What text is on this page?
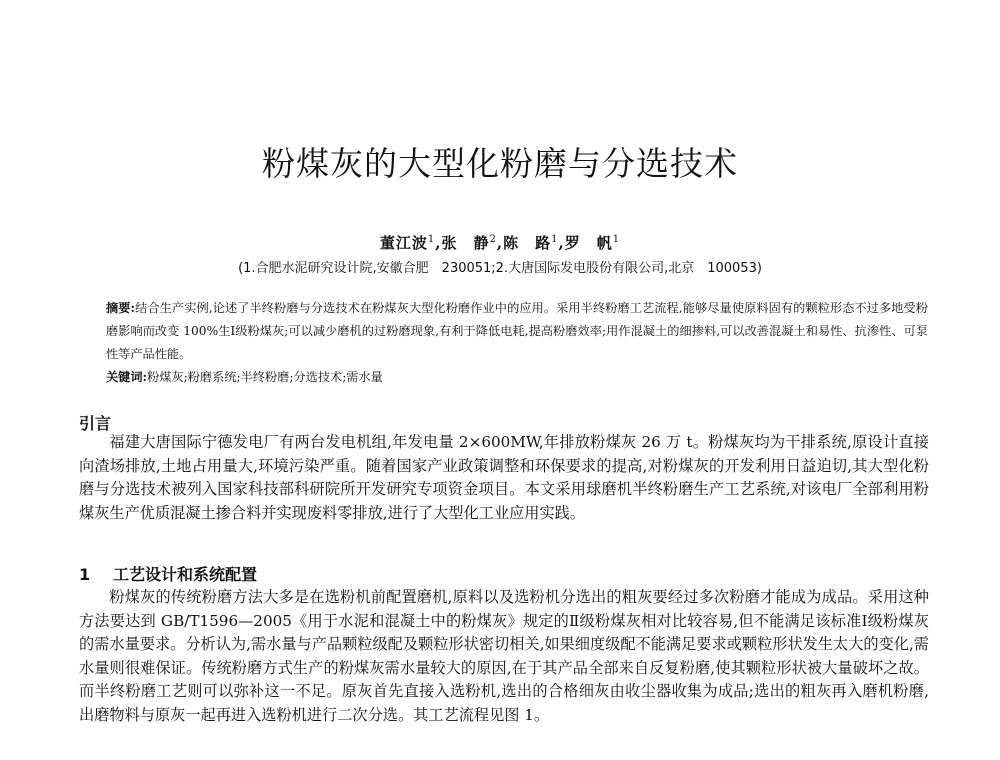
粉煤灰的大型化粉磨与分选技术
董江波$^1$,张　静$^2$,陈　路$^1$,罗　帆$^1$
(1.合肥水泥研究设计院,安徽合肥　230051;2.大唐国际发电股份有限公司,北京　100053)
摘要:结合生产实例,论述了半终粉磨与分选技术在粉煤灰大型化粉磨作业中的应用。采用半终粉磨工艺流程,能够尽量使原料固有的颗粒形态不过多地受粉磨影响而改变 100%生Ⅰ级粉煤灰;可以减少磨机的过粉磨现象,有利于降低电耗,提高粉磨效率;用作混凝土的细掺料,可以改善混凝土和易性、抗渗性、可泵性等产品性能。
关键词:粉煤灰;粉磨系统;半终粉磨;分选技术;需水量
引言

福建大唐国际宁德发电厂有两台发电机组,年发电量 2×600MW,年排放粉煤灰 26 万 t。粉煤灰均为干排系统,原设计直接向渣场排放,土地占用量大,环境污染严重。随着国家产业政策调整和环保要求的提高,对粉煤灰的开发利用日益迫切,其大型化粉磨与分选技术被列入国家科技部科研院所开发研究专项资金项目。本文采用球磨机半终粉磨生产工艺系统,对该电厂全部利用粉煤灰生产优质混凝土掺合料并实现废料零排放,进行了大型化工业应用实践。

1 工艺设计和系统配置

粉煤灰的传统粉磨方法大多是在选粉机前配置磨机,原料以及选粉机分选出的粗灰要经过多次粉磨才能成为成品。采用这种方法要达到 GB/T1596—2005《用于水泥和混凝土中的粉煤灰》规定的Ⅱ级粉煤灰相对比较容易,但不能满足该标准Ⅰ级粉煤灰的需水量要求。分析认为,需水量与产品颗粒级配及颗粒形状密切相关,如果细度级配不能满足要求或颗粒形状发生太大的变化,需水量则很难保证。传统粉磨方式生产的粉煤灰需水量较大的原因,在于其产品全部来自反复粉磨,使其颗粒形状被大量破坏之故。而半终粉磨工艺则可以弥补这一不足。原灰首先直接入选粉机,选出的合格细灰由收尘器收集为成品;选出的粗灰再入磨机粉磨,出磨物料与原灰一起再进入选粉机进行二次分选。其工艺流程见图 1。
